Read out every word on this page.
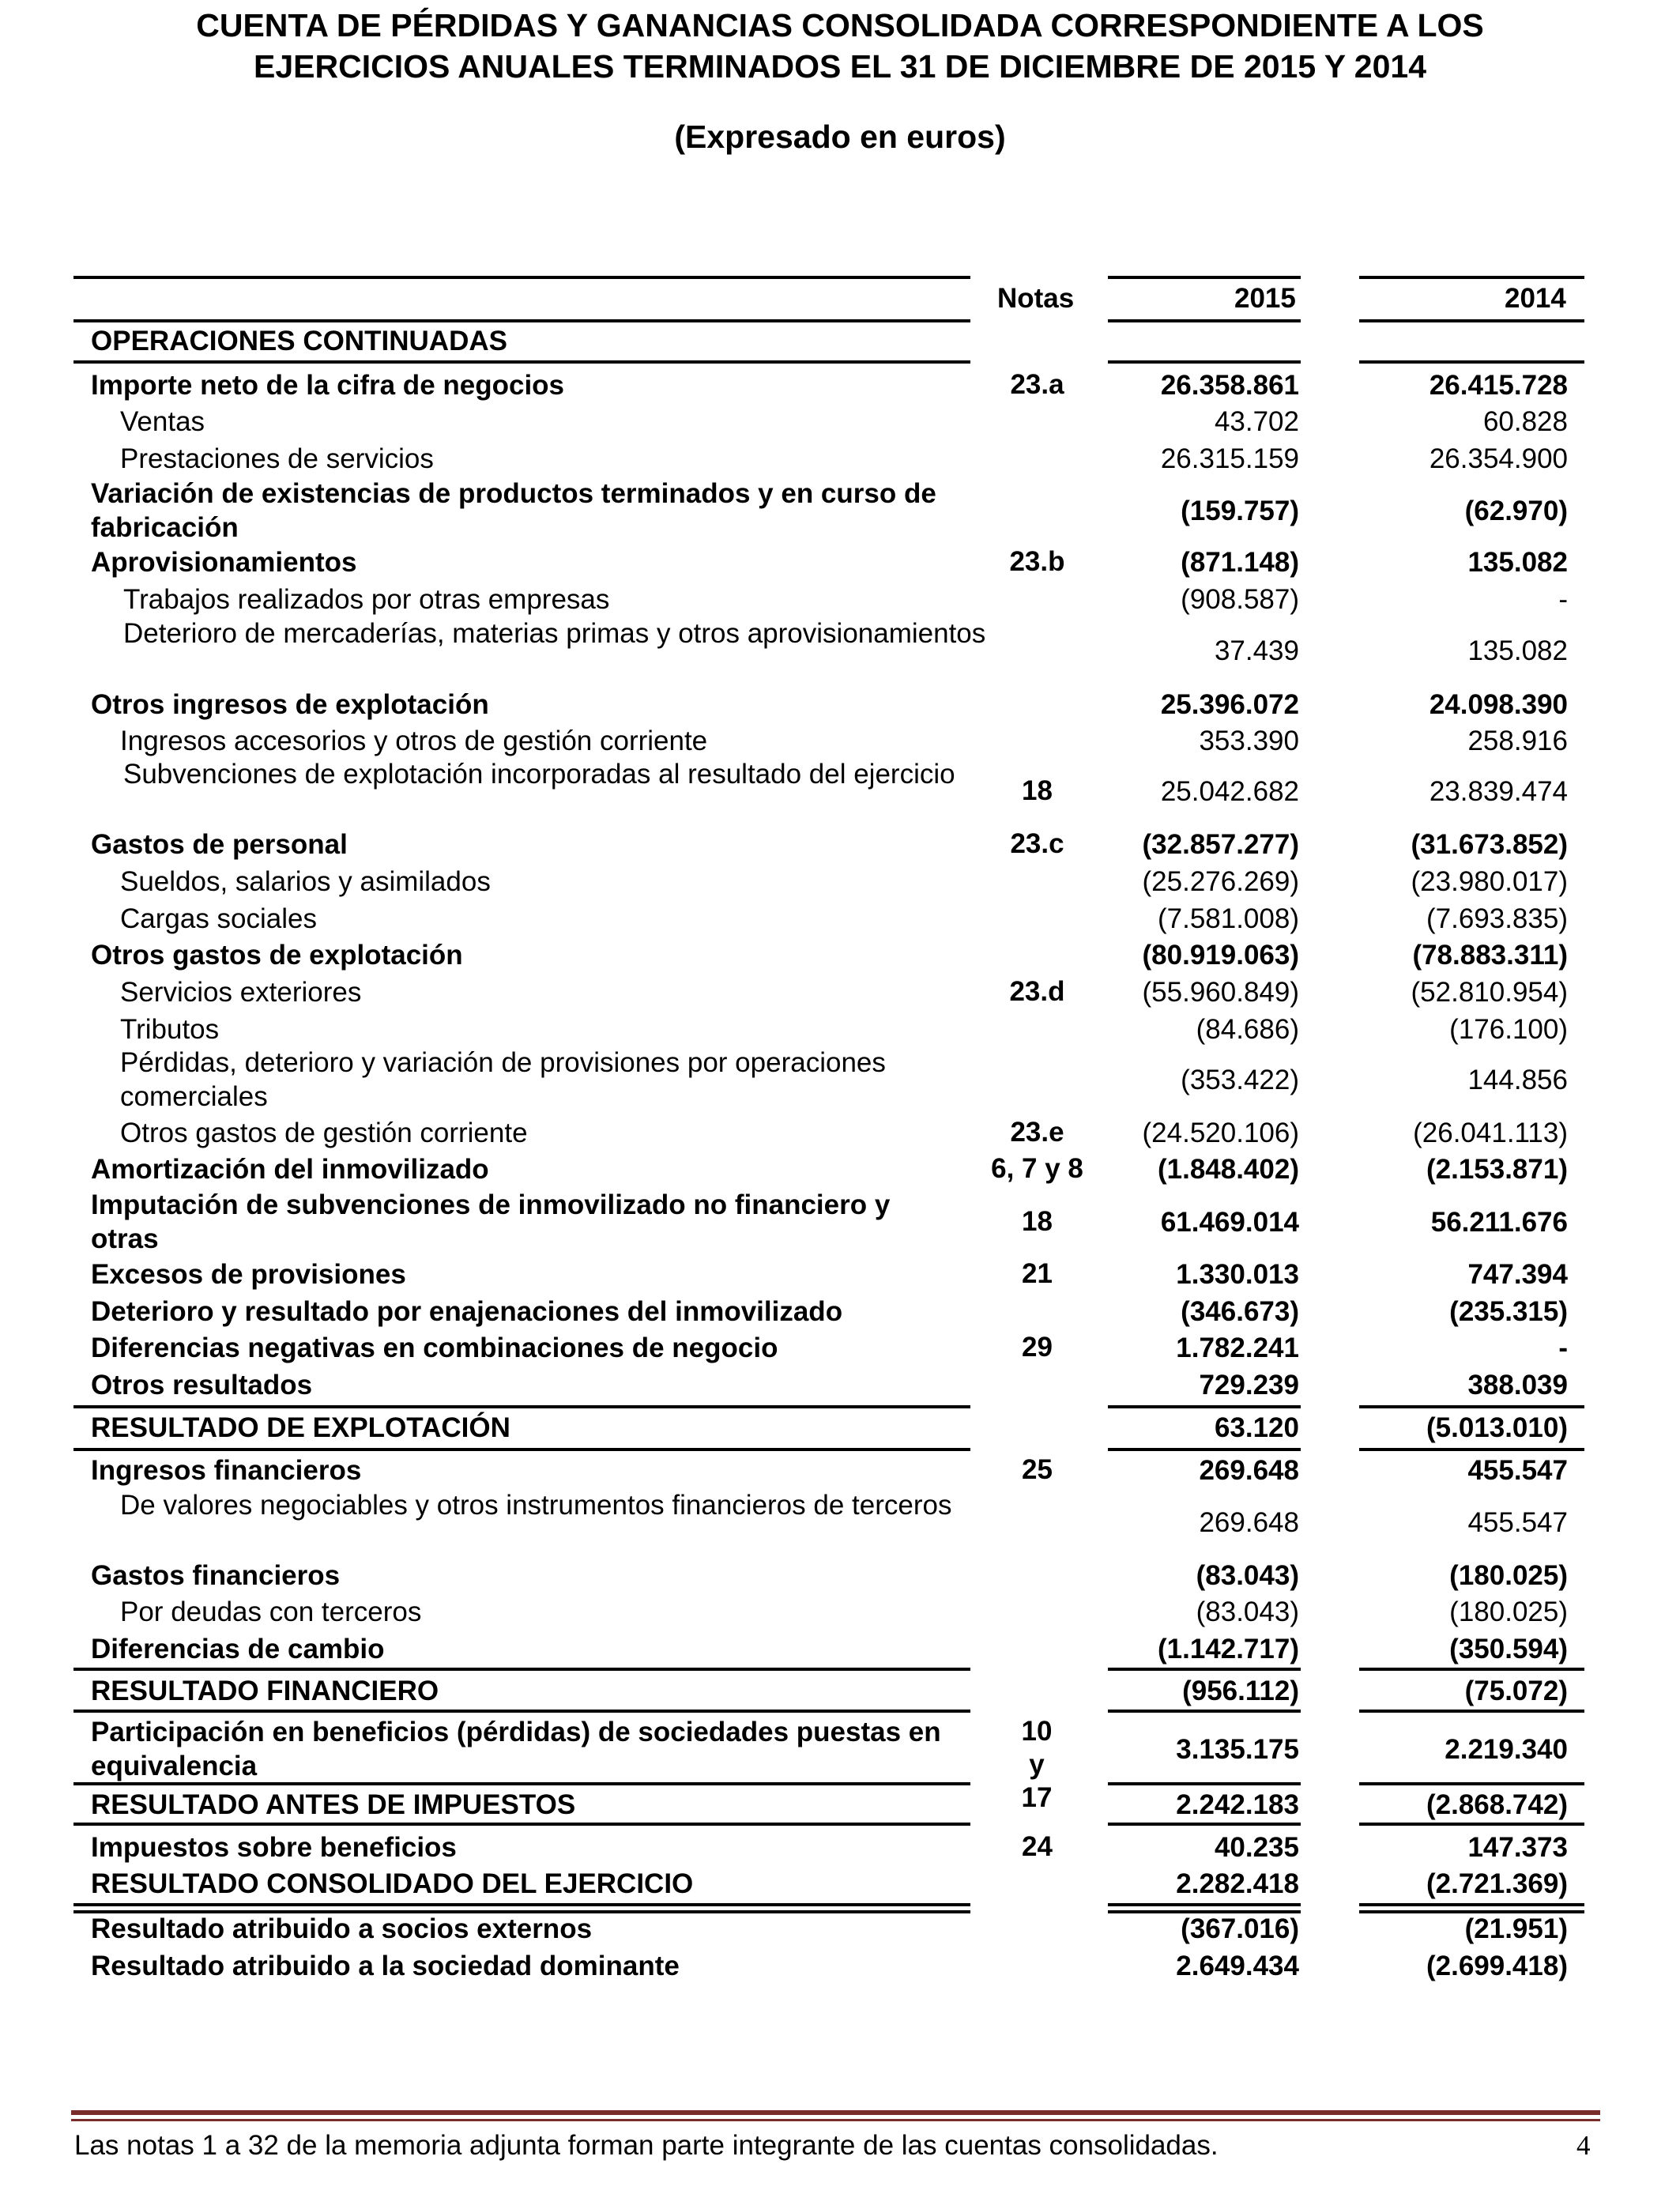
CUENTA DE PÉRDIDAS Y GANANCIAS CONSOLIDADA CORRESPONDIENTE A LOS
EJERCICIOS ANUALES TERMINADOS EL 31 DE DICIEMBRE DE 2015 Y 2014
(Expresado en euros)
Notas	2015	2014
OPERACIONES CONTINUADAS
Importe neto de la cifra de negocios	23.a	26.358.861	26.415.728
Ventas	43.702	60.828
Prestaciones de servicios	26.315.159	26.354.900
Variación de existencias de productos terminados y en curso de fabricación
(159.757)	(62.970)
Aprovisionamientos	23.b	(871.148)	135.082
Trabajos realizados por otras empresas	(908.587)	-
Deterioro de mercaderías, materias primas y otros aprovisionamientos
37.439	135.082
Otros ingresos de explotación	25.396.072	24.098.390
Ingresos accesorios y otros de gestión corriente	353.390	258.916
Subvenciones de explotación incorporadas al resultado del ejercicio
18	25.042.682	23.839.474
Gastos de personal	23.c	(32.857.277)	(31.673.852)
Sueldos, salarios y asimilados	(25.276.269)	(23.980.017)
Cargas sociales	(7.581.008)	(7.693.835)
Otros gastos de explotación	(80.919.063)	(78.883.311)
Servicios exteriores	23.d	(55.960.849)	(52.810.954)
Tributos	(84.686)	(176.100)
Pérdidas, deterioro y variación de provisiones por operaciones comerciales
(353.422)	144.856
Otros gastos de gestión corriente	23.e	(24.520.106)	(26.041.113)
Amortización del inmovilizado	6, 7 y 8	(1.848.402)	(2.153.871)
Imputación de subvenciones de inmovilizado no financiero y otras
18	61.469.014	56.211.676
Excesos de provisiones	21	1.330.013	747.394
Deterioro y resultado por enajenaciones del inmovilizado	(346.673)	(235.315)
Diferencias negativas en combinaciones de negocio	29	1.782.241	-
Otros resultados	729.239	388.039
RESULTADO DE EXPLOTACIÓN	63.120	(5.013.010)
Ingresos financieros	25	269.648	455.547
De valores negociables y otros instrumentos financieros de terceros
269.648	455.547
Gastos financieros	(83.043)	(180.025)
Por deudas con terceros	(83.043)	(180.025)
Diferencias de cambio	(1.142.717)	(350.594)
RESULTADO FINANCIERO	(956.112)	(75.072)
Participación en beneficios (pérdidas) de sociedades puestas en equivalencia
10 y 17
3.135.175	2.219.340
RESULTADO ANTES DE IMPUESTOS	2.242.183	(2.868.742)
Impuestos sobre beneficios	24	40.235	147.373
RESULTADO CONSOLIDADO DEL EJERCICIO	2.282.418	(2.721.369)
Resultado atribuido a socios externos	(367.016)	(21.951)
Resultado atribuido a la sociedad dominante	2.649.434	(2.699.418)
Las notas 1 a 32 de la memoria adjunta forman parte integrante de las cuentas consolidadas.	4
